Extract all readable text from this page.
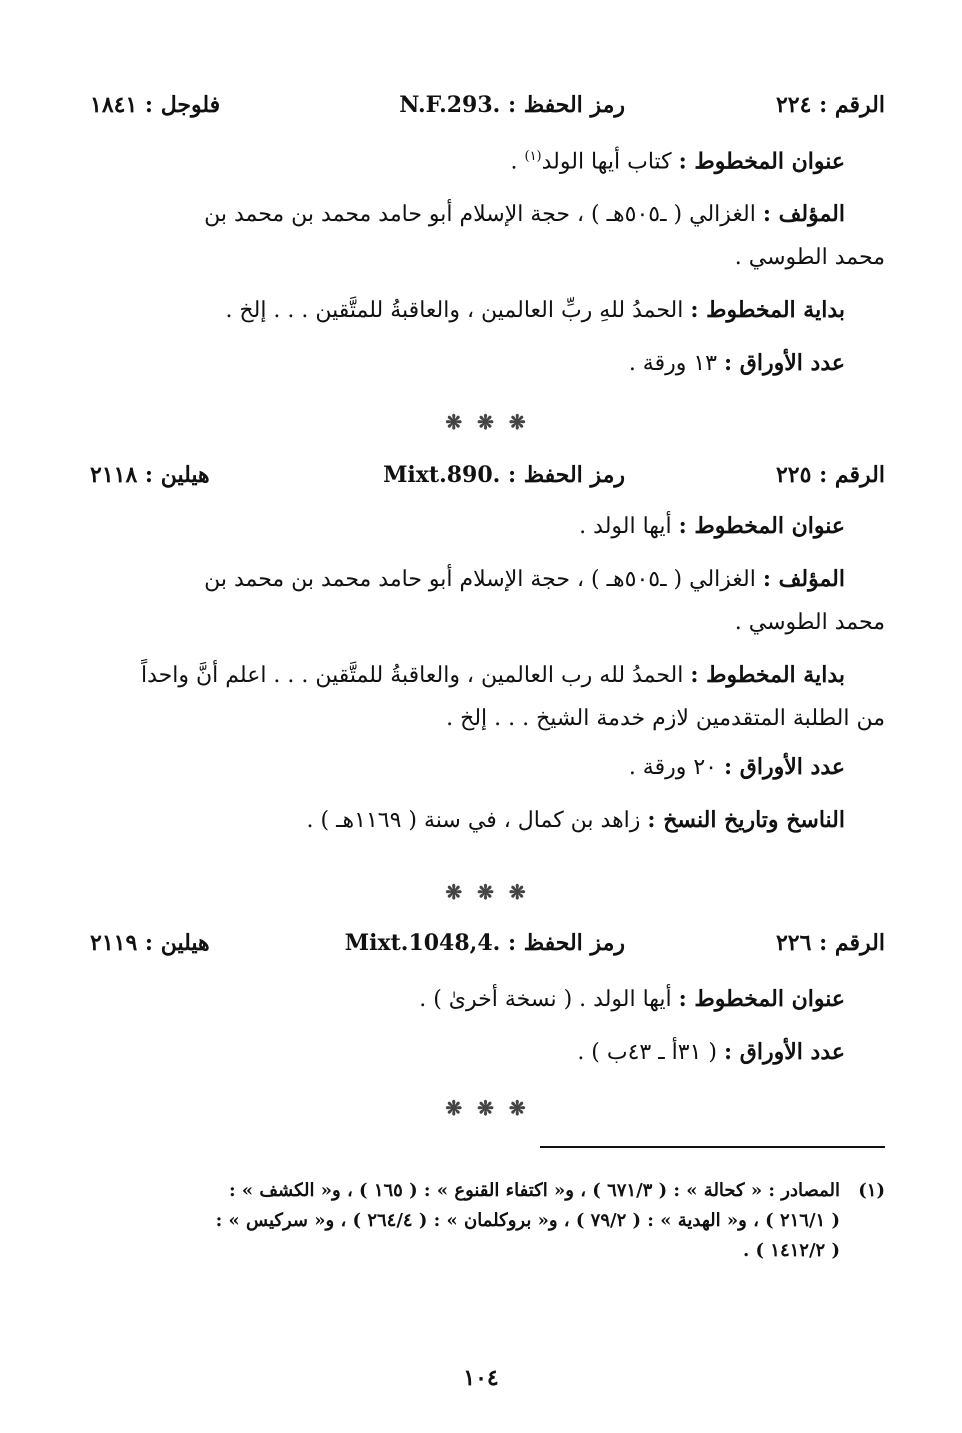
الرقم : ٢٢٤
رمز الحفظ : N.F.293.
فلوجل : ١٨٤١
عنوان المخطوط : كتاب أيها الولد$^{(١)}$ .
المؤلف : الغزالي ( ـ٥٠٥هـ ) ، حجة الإسلام أبو حامد محمد بن محمد بن
محمد الطوسي .
بداية المخطوط : الحمدُ للهِ ربِّ العالمين ، والعاقبةُ للمتَّقين . . . إلخ .
عدد الأوراق : ١٣ ورقة .
❋ ❋ ❋
الرقم : ٢٢٥
رمز الحفظ : Mixt.890.
هيلين : ٢١١٨
عنوان المخطوط : أيها الولد .
المؤلف : الغزالي ( ـ٥٠٥هـ ) ، حجة الإسلام أبو حامد محمد بن محمد بن
محمد الطوسي .
بداية المخطوط : الحمدُ لله رب العالمين ، والعاقبةُ للمتَّقين . . . اعلم أنَّ واحداً
من الطلبة المتقدمين لازم خدمة الشيخ . . . إلخ .
عدد الأوراق : ٢٠ ورقة .
الناسخ وتاريخ النسخ : زاهد بن كمال ، في سنة ( ١١٦٩هـ ) .
❋ ❋ ❋
الرقم : ٢٢٦
رمز الحفظ : Mixt.1048,4.
هيلين : ٢١١٩
عنوان المخطوط : أيها الولد . ( نسخة أخرىٰ ) .
عدد الأوراق : ( ٣١أ ـ ٤٣ب ) .
❋ ❋ ❋
(١)المصادر : « كحالة » : ( ٦٧١/٣ ) ، و« اكتفاء القنوع » : ( ١٦٥ ) ، و« الكشف » :
( ٢١٦/١ ) ، و« الهدية » : ( ٧٩/٢ ) ، و« بروكلمان » : ( ٢٦٤/٤ ) ، و« سركيس » :
( ١٤١٢/٢ ) .
١٠٤
